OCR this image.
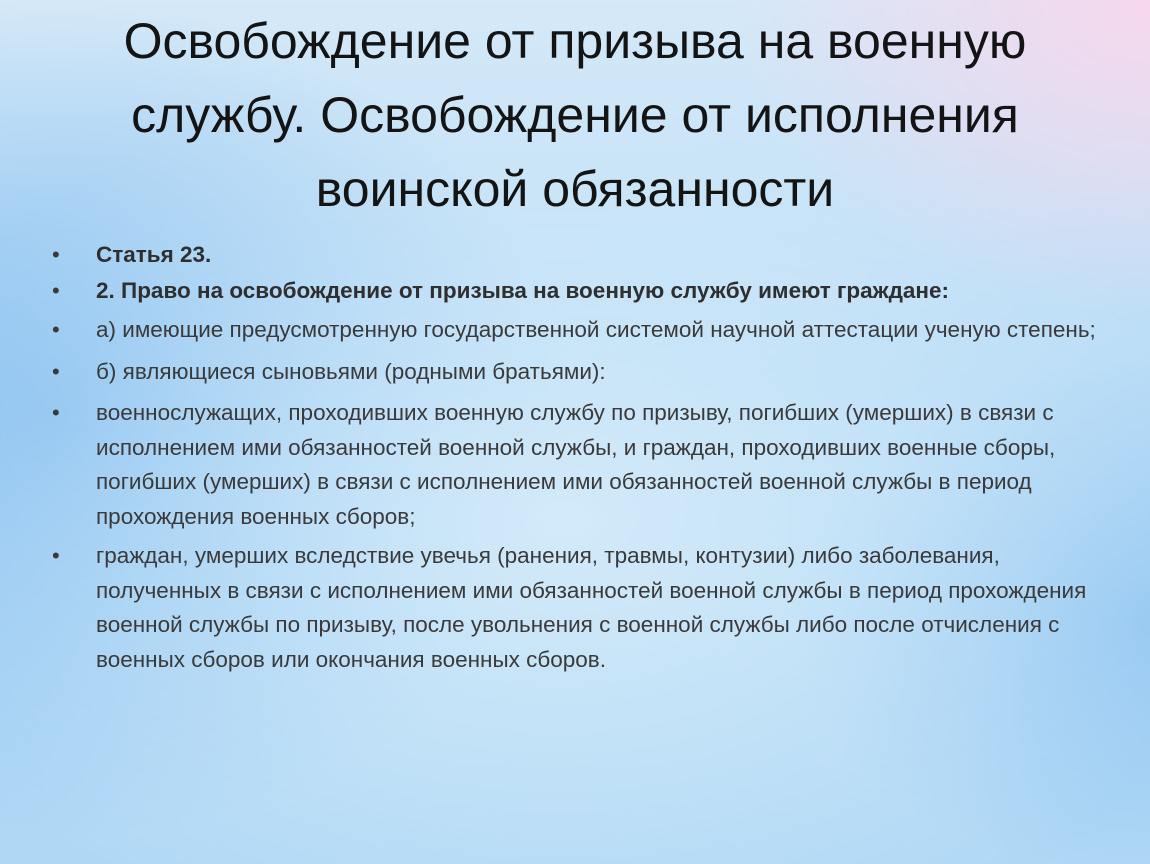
Освобождение от призыва на военную службу. Освобождение от исполнения воинской обязанности
• Статья 23.
• 2. Право на освобождение от призыва на военную службу имеют граждане:
• а) имеющие предусмотренную государственной системой научной аттестации ученую степень;
• б) являющиеся сыновьями (родными братьями):
• военнослужащих, проходивших военную службу по призыву, погибших (умерших) в связи с исполнением ими обязанностей военной службы, и граждан, проходивших военные сборы, погибших (умерших) в связи с исполнением ими обязанностей военной службы в период прохождения военных сборов;
• граждан, умерших вследствие увечья (ранения, травмы, контузии) либо заболевания, полученных в связи с исполнением ими обязанностей военной службы в период прохождения военной службы по призыву, после увольнения с военной службы либо после отчисления с военных сборов или окончания военных сборов.
